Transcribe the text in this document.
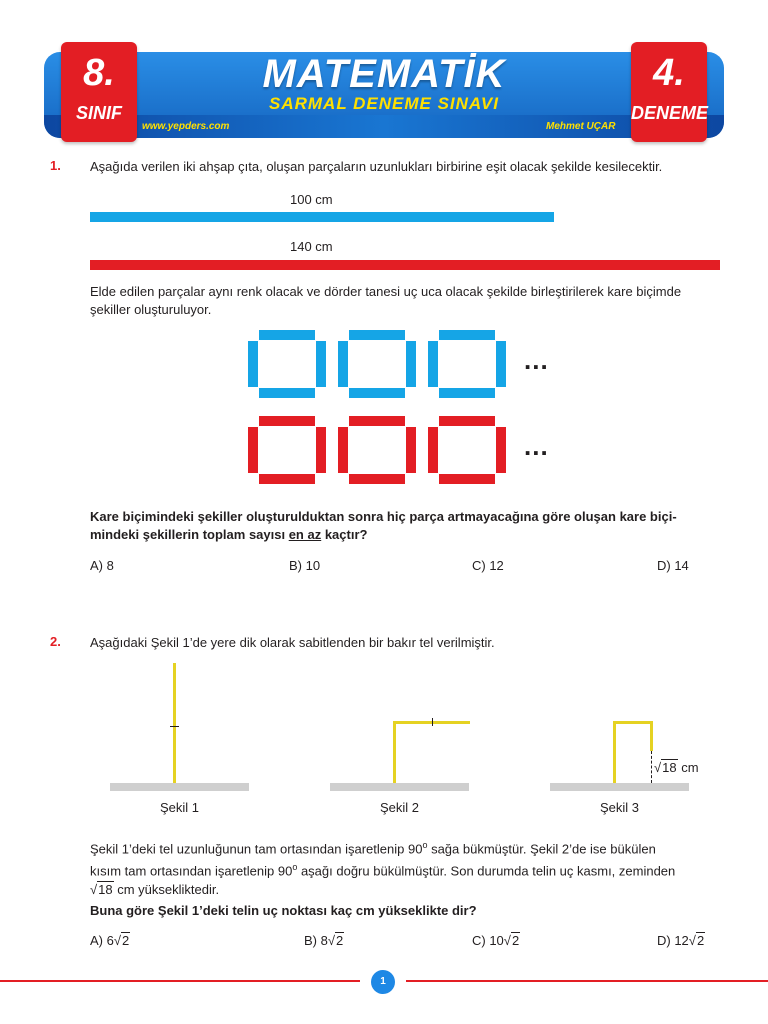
8.
SINIF
4.
DENEME
MATEMATİK
SARMAL DENEME SINAVI
www.yepders.com	Mehmet UÇAR
1. Aşağıda verilen iki ahşap çıta, oluşan parçaların uzunlukları birbirine eşit olacak şekilde kesilecektir.
100 cm
140 cm
Elde edilen parçalar aynı renk olacak ve dörder tanesi uç uca olacak şekilde birleştirilerek kare biçimde şekiller oluşturuluyor.
...
...
Kare biçimindeki şekiller oluşturulduktan sonra hiç parça artmayacağına göre oluşan kare biçi-
mindeki şekillerin toplam sayısı en az kaçtır?
A) 8	B) 10	C) 12	D) 14
2. Aşağıdaki Şekil 1’de yere dik olarak sabitlenden bir bakır tel verilmiştir.
Şekil 1	Şekil 2
√18 cm
Şekil 3
Şekil 1’deki tel uzunluğunun tam ortasından işaretlenip 90$^o$ sağa bükmüştür. Şekil 2’de ise bükülen
kısım tam ortasından işaretlenip 90$^o$ aşağı doğru bükülmüştür. Son durumda telin uç kasmı, zeminden
√18 cm yüksekliktedir.
Buna göre Şekil 1’deki telin uç noktası kaç cm yükseklikte dir?
A) 6√2	B) 8√2	C) 10√2	D) 12√2
1
